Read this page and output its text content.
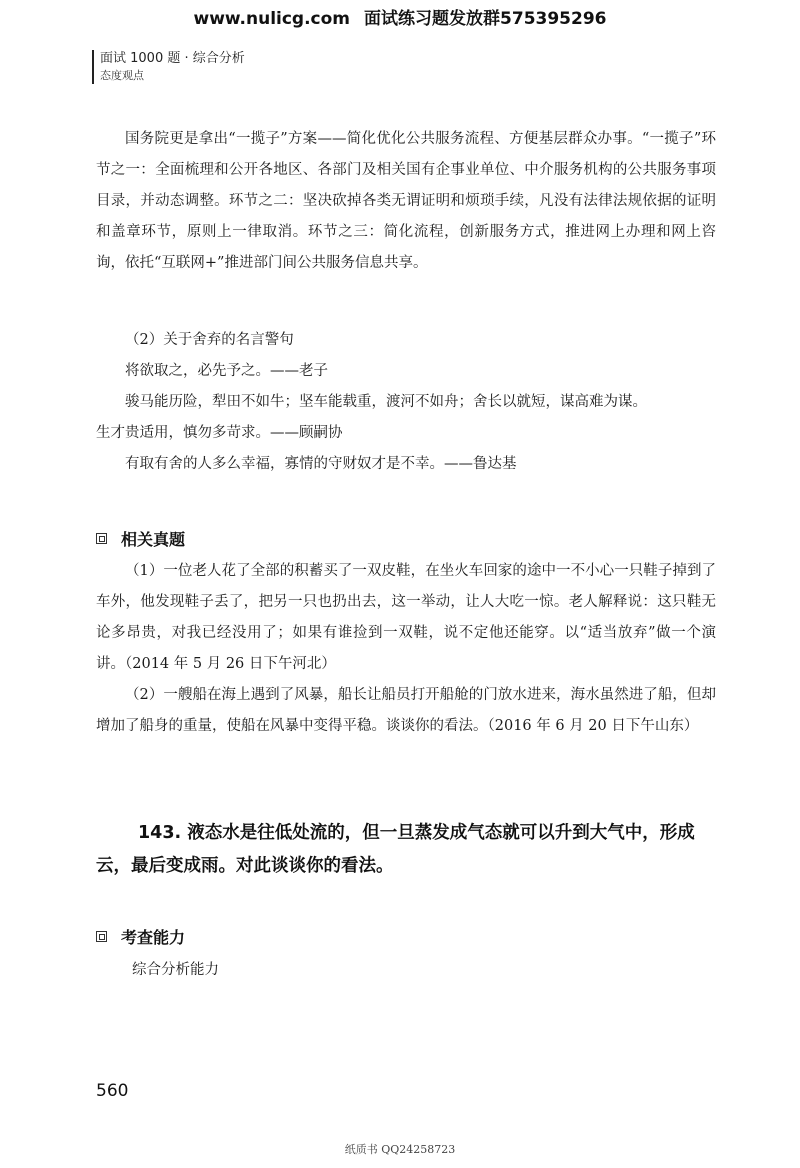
www.nulicg.com 面试练习题发放群575395296
面试 1000 题 · 综合分析
态度观点

国务院更是拿出“一揽子”方案——简化优化公共服务流程、方便基层群众办事。“一揽子”环节之一：全面梳理和公开各地区、各部门及相关国有企事业单位、中介服务机构的公共服务事项目录，并动态调整。环节之二：坚决砍掉各类无谓证明和烦琐手续，凡没有法律法规依据的证明和盖章环节，原则上一律取消。环节之三：简化流程，创新服务方式，推进网上办理和网上咨询，依托“互联网+”推进部门间公共服务信息共享。

（2）关于舍弃的名言警句
将欲取之，必先予之。——老子
骏马能历险，犁田不如牛；坚车能载重，渡河不如舟；舍长以就短，谋高难为谋。
生才贵适用，慎勿多苛求。——顾嗣协
有取有舍的人多么幸福，寡情的守财奴才是不幸。——鲁达基
相关真题

（1）一位老人花了全部的积蓄买了一双皮鞋，在坐火车回家的途中一不小心一只鞋子掉到了车外，他发现鞋子丢了，把另一只也扔出去，这一举动，让人大吃一惊。老人解释说：这只鞋无论多昂贵，对我已经没用了；如果有谁捡到一双鞋，说不定他还能穿。以“适当放弃”做一个演讲。（2014 年 5 月 26 日下午河北）

（2）一艘船在海上遇到了风暴，船长让船员打开船舱的门放水进来，海水虽然进了船，但却增加了船身的重量，使船在风暴中变得平稳。谈谈你的看法。（2016 年 6 月 20 日下午山东）

143. 液态水是往低处流的，但一旦蒸发成气态就可以升到大气中，形成云，最后变成雨。对此谈谈你的看法。

考查能力
综合分析能力
560
纸质书 QQ24258723
